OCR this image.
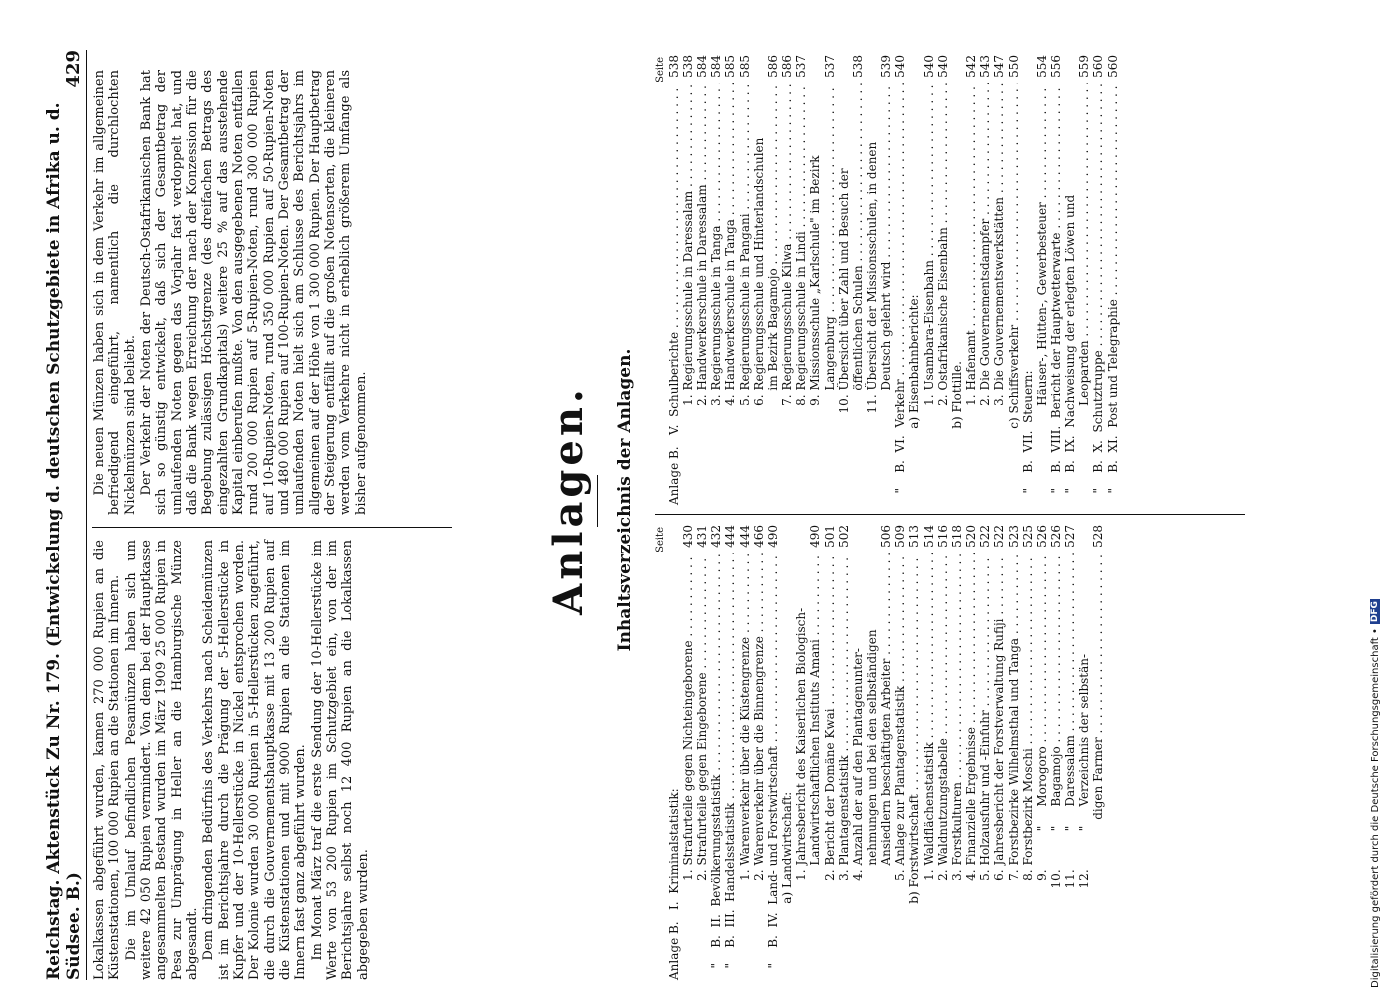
Reichstag. Aktenstück Zu Nr. 179. (Entwickelung d. deutschen Schutzgebiete in Afrika u. d. Südsee. B.)
429

Lokalkassen abgeführt wurden, kamen 270 000 Rupien an die Küstenstationen, 100 000 Rupien an die Stationen im Innern. Die im Umlauf befindlichen Pesamünzen haben sich um weitere 42 050 Rupien vermindert. Von dem bei der Hauptkasse angesammelten Bestand wurden im März 1909 25 000 Rupien in Pesa zur Umprägung in Heller an die Hamburgische Münze abgesandt. Dem dringenden Bedürfnis des Verkehrs nach Scheidemünzen ist im Berichtsjahre durch die Prägung der 5-Hellerstücke in Kupfer und der 10-Hellerstücke in Nickel entsprochen worden. Der Kolonie wurden 30 000 Rupien in 5-Hellerstücken zugeführt, die durch die Gouvernementshauptkasse mit 13 200 Rupien auf die Küstenstationen und mit 9000 Rupien an die Stationen im Innern fast ganz abgeführt wurden. Im Monat März traf die erste Sendung der 10-Hellerstücke im Werte von 53 200 Rupien im Schutzgebiet ein, von der im Berichtsjahre selbst noch 12 400 Rupien an die Lokalkassen abgegeben wurden.

Die neuen Münzen haben sich in dem Verkehr im allgemeinen befriedigend eingeführt, namentlich die durchlochten Nickelmünzen sind beliebt. Der Verkehr der Noten der Deutsch-Ostafrikanischen Bank hat sich so günstig entwickelt, daß sich der Gesamtbetrag der umlaufenden Noten gegen das Vorjahr fast verdoppelt hat, und daß die Bank wegen Erreichung der nach der Konzession für die Begebung zulässigen Höchstgrenze (des dreifachen Betrags des eingezahlten Grundkapitals) weitere 25 % auf das ausstehende Kapital einberufen mußte. Von den ausgegebenen Noten entfallen rund 200 000 Rupien auf 5-Rupien-Noten, rund 300 000 Rupien auf 10-Rupien-Noten, rund 350 000 Rupien auf 50-Rupien-Noten und 480 000 Rupien auf 100-Rupien-Noten. Der Gesamtbetrag der umlaufenden Noten hielt sich am Schlusse des Berichtsjahrs im allgemeinen auf der Höhe von 1 300 000 Rupien. Der Hauptbetrag der Steigerung entfällt auf die großen Notensorten, die kleineren werden vom Verkehre nicht in erheblich größerem Umfange als bisher aufgenommen.	Anlagen. Inhaltsverzeichnis der Anlagen. Seite
Anlage B.   I.
Kriminalstatistik:
1.
Strafurteile gegen Nichteingeborene . . .
430
2.
Strafurteile gegen Eingeborene . . .
431
"    B.  II.
Bevölkerungsstatistik . . .
432
"    B.  III.
Handelsstatistik . . .
444
1.
Warenverkehr über die Küstengrenze . . .
444
2.
Warenverkehr über die Binnengrenze . . .
466
"    B.  IV.
Land- und Forstwirtschaft . . .
490
a)
Landwirtschaft:
1.
Jahresbericht des Kaiserlichen Biologisch-
Landwirtschaftlichen Instituts Amani . . .
490
2.
Bericht der Domäne Kwai . . .
501
3.
Plantagenstatistik . . .
502
4.
Anzahl der auf den Plantagenunter-
nehmungen und bei den selbständigen
Ansiedlern beschäftigten Arbeiter . . .
506
5.
Anlage zur Plantagenstatistik . . .
509
b)
Forstwirtschaft . . .
513
1.
Waldflächenstatistik . . .
514
2.
Waldnutzungstabelle . . .
516
3.
Forstkulturen . . .
518
4.
Finanzielle Ergebnisse . . .
520
5.
Holzausfuhr und -Einfuhr . . .
522
6.
Jahresbericht der Forstverwaltung Rufiji . . .
522
7.
Forstbezirke Wilhelmsthal und Tanga . . .
523
8.
Forstbezirk Moschi . . .
525
9.          "
Morogoro . . .
526
10.          "
Bagamojo . . .
526
11.          "
Daressalam . . .
527
12.          "
Verzeichnis der selbstän-
digen Farmer . . .
528
Seite
Anlage B.   V.
Schulberichte . . .
538
1.
Regierungsschule in Daressalam . . .
538
2.
Handwerkerschule in Daressalam . . .
584
3.
Regierungsschule in Tanga . . .
584
4.
Handwerkerschule in Tanga . . .
585
5.
Regierungsschule in Pangani . . .
585
6.
Regierungsschule und Hinterlandschulen
im Bezirk Bagamojo . . .
586
7.
Regierungsschule Kilwa . . .
586
8.
Regierungsschule in Lindi . . .
537
9.
Missionsschule „Karlschule" im Bezirk
Langenburg . . .
537
10.
Übersicht über Zahl und Besuch der
öffentlichen Schulen . . .
538
11.
Übersicht der Missionsschulen, in denen
Deutsch gelehrt wird . . .
539
"    B.  VI.
Verkehr . . .
540
a)
Eisenbahnberichte:
1.
Usambara-Eisenbahn . . .
540
2.
Ostafrikanische Eisenbahn . . .
540
b)
Flottille.
1.
Hafenamt . . .
542
2.
Die Gouvernementsdampfer . . .
543
3.
Die Gouvernementswerkstätten . . .
547
c)
Schiffsverkehr . . .
550
"    B.  VII.
Steuern:
Häuser-, Hütten-, Gewerbesteuer . . .
554
"    B.  VIII.
Bericht der Hauptwetterwarte . . .
556
"    B.  IX.
Nachweisung der erlegten Löwen und
Leoparden . . .
559
"    B.  X.
Schutztruppe . . .
560
"    B.  XI.
Post und Telegraphie . . .
560
Digitalisierung gefördert durch die Deutsche Forschungsgemeinschaft •
DFG
